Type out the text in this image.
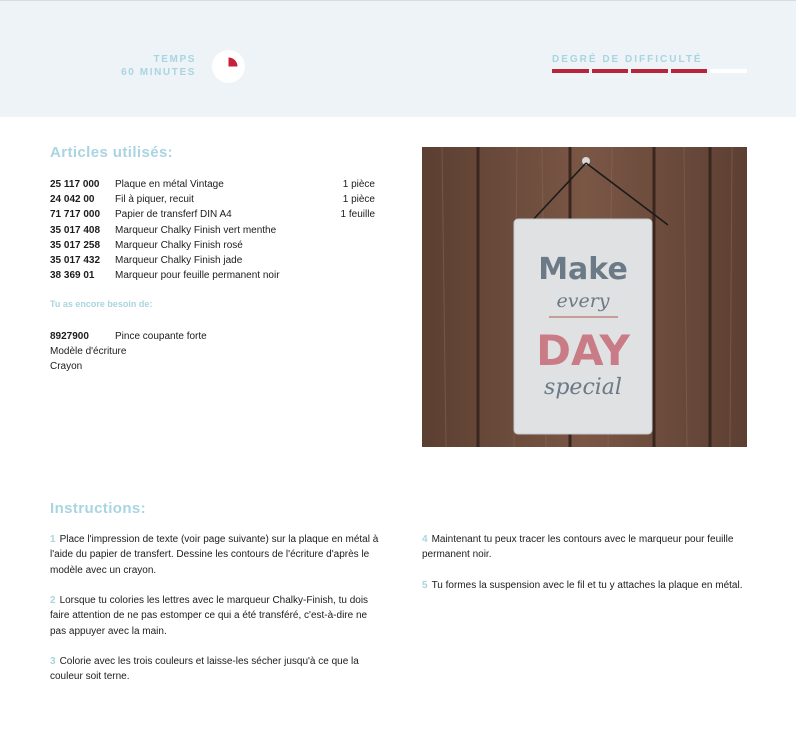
TEMPS
60 MINUTES
DEGRÉ DE DIFFICULTÉ
Articles utilisés:
25 117 000	Plaque en métal Vintage	1 pièce
24 042 00	Fil à piquer, recuit	1 pièce
71 717 000	Papier de transferf DIN A4	1 feuille
35 017 408	Marqueur Chalky Finish vert menthe
35 017 258	Marqueur Chalky Finish rosé
35 017 432	Marqueur Chalky Finish jade
38 369 01	Marqueur pour feuille permanent noir
Tu as encore besoin de:
8927900	Pince coupante forte
Modèle d'écriture
Crayon
Make
every
DAY
special
Instructions:
1 Place l'impression de texte (voir page suivante) sur la plaque en métal à
l'aide du papier de transfert. Dessine les contours de l'écriture d'après le
modèle avec un crayon.
2 Lorsque tu colories les lettres avec le marqueur Chalky-Finish, tu dois
faire attention de ne pas estomper ce qui a été transféré, c'est-à-dire ne
pas appuyer avec la main.
3 Colorie avec les trois couleurs et laisse-les sécher jusqu'à ce que la
couleur soit terne.
4 Maintenant tu peux tracer les contours avec le marqueur pour feuille
permanent noir.
5 Tu formes la suspension avec le fil et tu y attaches la plaque en métal.
